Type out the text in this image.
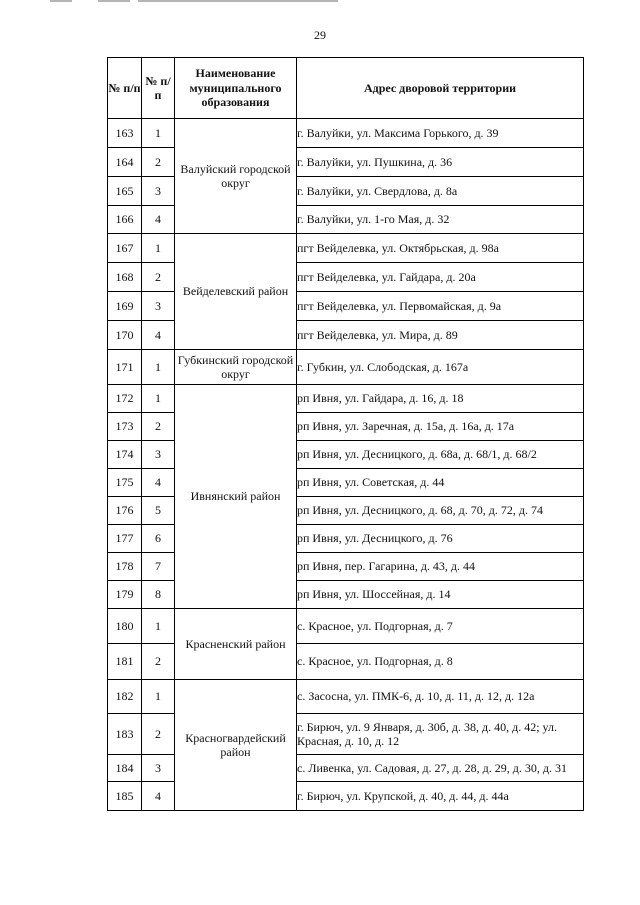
29
№ п/п	№ п/п	Наименование муниципального образования	Адрес дворовой территории
163	1	Валуйский городской округ	г. Валуйки, ул. Максима Горького, д. 39
164	2		г. Валуйки, ул. Пушкина, д. 36
165	3		г. Валуйки, ул. Свердлова, д. 8а
166	4		г. Валуйки, ул. 1-го Мая, д. 32
167	1	Вейделевский район	пгт Вейделевка, ул. Октябрьская, д. 98а
168	2		пгт Вейделевка, ул. Гайдара, д. 20а
169	3		пгт Вейделевка, ул. Первомайская, д. 9а
170	4		пгт Вейделевка, ул. Мира, д. 89
171	1	Губкинский городской округ	г. Губкин, ул. Слободская, д. 167а
172	1	Ивнянский район	рп Ивня, ул. Гайдара, д. 16, д. 18
173	2		рп Ивня, ул. Заречная, д. 15а, д. 16а, д. 17а
174	3		рп Ивня, ул. Десницкого, д. 68а, д. 68/1, д. 68/2
175	4		рп Ивня, ул. Советская, д. 44
176	5		рп Ивня, ул. Десницкого, д. 68, д. 70, д. 72, д. 74
177	6		рп Ивня, ул. Десницкого, д. 76
178	7		рп Ивня, пер. Гагарина, д. 43, д. 44
179	8		рп Ивня, ул. Шоссейная, д. 14
180	1	Красненский район	с. Красное, ул. Подгорная, д. 7
181	2		с. Красное, ул. Подгорная, д. 8
182	1	Красногвардейский район	с. Засосна, ул. ПМК-6, д. 10, д. 11, д. 12, д. 12а
183	2		г. Бирюч, ул. 9 Января, д. 30б, д. 38, д. 40, д. 42; ул. Красная, д. 10, д. 12
184	3		с. Ливенка, ул. Садовая, д. 27, д. 28, д. 29, д. 30, д. 31
185	4		г. Бирюч, ул. Крупской, д. 40, д. 44, д. 44а
